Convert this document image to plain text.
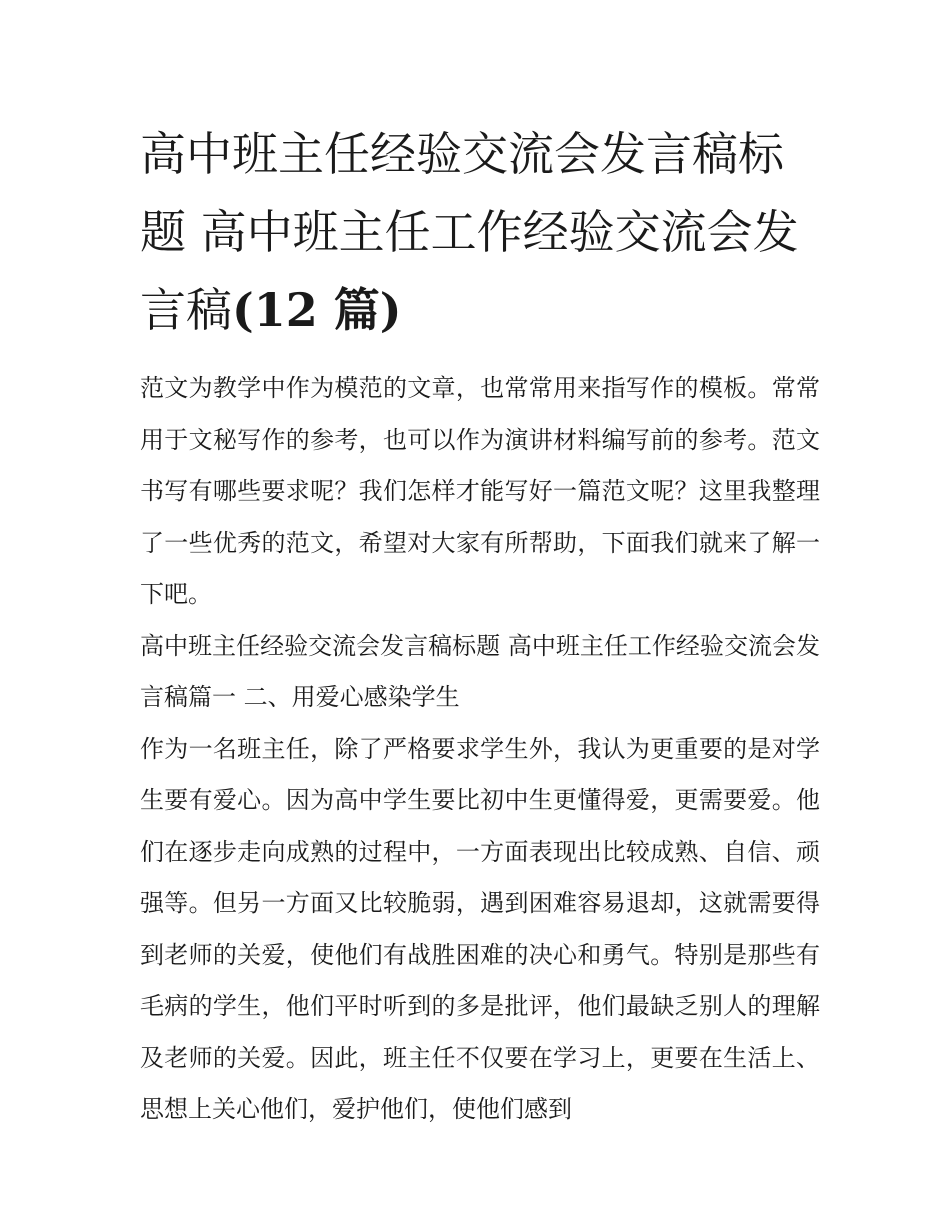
高中班主任经验交流会发言稿标题 高中班主任工作经验交流会发言稿(12 篇)

范文为教学中作为模范的文章，也常常用来指写作的模板。常常用于文秘写作的参考，也可以作为演讲材料编写前的参考。范文书写有哪些要求呢？我们怎样才能写好一篇范文呢？这里我整理了一些优秀的范文，希望对大家有所帮助，下面我们就来了解一下吧。

高中班主任经验交流会发言稿标题 高中班主任工作经验交流会发言稿篇一 二、用爱心感染学生

作为一名班主任，除了严格要求学生外，我认为更重要的是对学生要有爱心。因为高中学生要比初中生更懂得爱，更需要爱。他们在逐步走向成熟的过程中，一方面表现出比较成熟、自信、顽强等。但另一方面又比较脆弱，遇到困难容易退却，这就需要得到老师的关爱，使他们有战胜困难的决心和勇气。特别是那些有毛病的学生，他们平时听到的多是批评，他们最缺乏别人的理解及老师的关爱。因此，班主任不仅要在学习上，更要在生活上、思想上关心他们，爱护他们，使他们感到
